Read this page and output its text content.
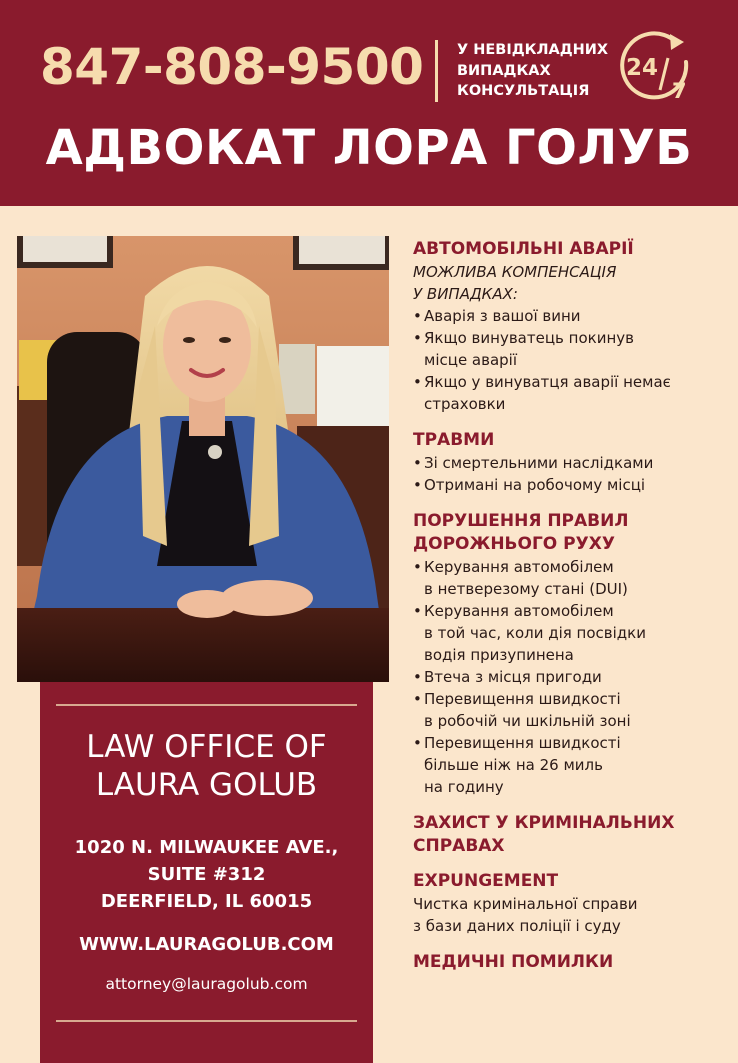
847-808-9500 У НЕВІДКЛАДНИХ
ВИПАДКАХ
КОНСУЛЬТАЦІЯ
24
7
АДВОКАТ ЛОРА ГОЛУБ
LAW OFFICE OF
LAURA GOLUB
1020 N. MILWAUKEE AVE.,
SUITE #312
DEERFIELD, IL 60015
WWW.LAURAGOLUB.COM
attorney@lauragolub.com
АВТОМОБІЛЬНІ АВАРІЇ
МОЖЛИВА КОМПЕНСАЦІЯ
У ВИПАДКАХ:
• Аварія з вашої вини
• Якщо винуватець покинув
місце аварії
• Якщо у винуватця аварії немає
страховки
ТРАВМИ
• Зі смертельними наслідками
• Отримані на робочому місці
ПОРУШЕННЯ ПРАВИЛ
ДОРОЖНЬОГО РУХУ
• Керування автомобілем
в нетверезому стані (DUI)
• Керування автомобілем
в той час, коли дія посвідки
водія призупинена
• Втеча з місця пригоди
• Перевищення швидкості
в робочій чи шкільній зоні
• Перевищення швидкості
більше ніж на 26 миль
на годину
ЗАХИСТ У КРИМІНАЛЬНИХ
СПРАВАХ
EXPUNGEMENT
Чистка кримінальної справи
з бази даних поліції і суду
МЕДИЧНІ ПОМИЛКИ
